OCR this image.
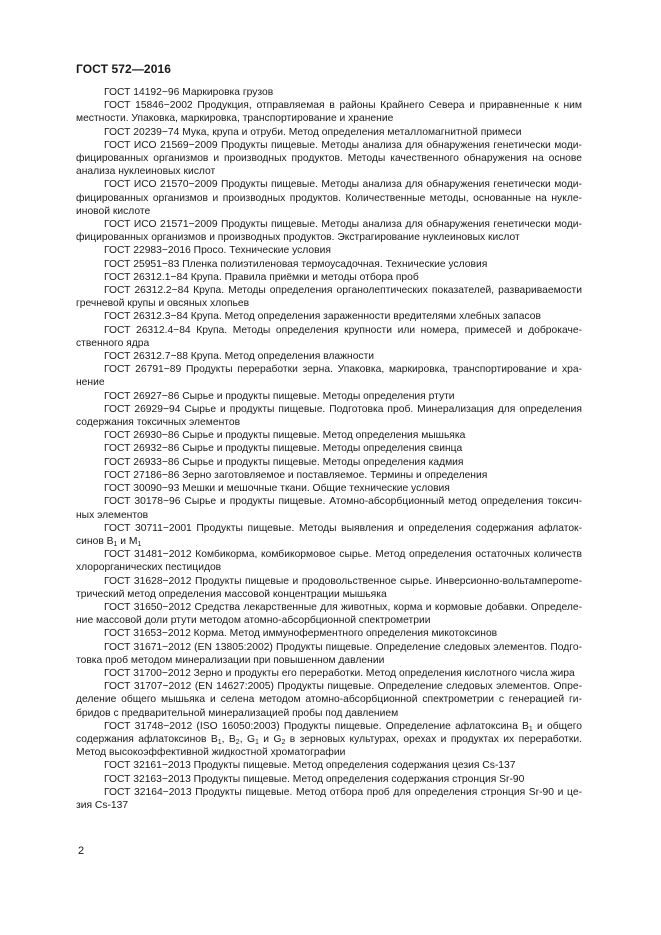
ГОСТ 572—2016

ГОСТ 14192−96 Маркировка грузов

ГОСТ 15846−2002 Продукция, отправляемая в районы Крайнего Севера и приравненные к ним местности. Упаковка, маркировка, транспортирование и хранение

ГОСТ 20239−74 Мука, крупа и отруби. Метод определения металломагнитной примеси

ГОСТ ИСО 21569−2009 Продукты пищевые. Методы анализа для обнаружения генетически моди-фицированных организмов и производных продуктов. Методы качественного обнаружения на основе анализа нуклеиновых кислот

ГОСТ ИСО 21570−2009 Продукты пищевые. Методы анализа для обнаружения генетически моди-фицированных организмов и производных продуктов. Количественные методы, основанные на нукле-иновой кислоте

ГОСТ ИСО 21571−2009 Продукты пищевые. Методы анализа для обнаружения генетически моди-фицированных организмов и производных продуктов. Экстрагирование нуклеиновых кислот

ГОСТ 22983−2016 Просо. Технические условия

ГОСТ 25951−83 Пленка полиэтиленовая термоусадочная. Технические условия

ГОСТ 26312.1−84 Крупа. Правила приёмки и методы отбора проб

ГОСТ 26312.2−84 Крупа. Методы определения органолептических показателей, развариваемости гречневой крупы и овсяных хлопьев

ГОСТ 26312.3−84 Крупа. Метод определения зараженности вредителями хлебных запасов

ГОСТ 26312.4−84 Крупа. Методы определения крупности или номера, примесей и доброкаче-ственного ядра

ГОСТ 26312.7−88 Крупа. Метод определения влажности

ГОСТ 26791−89 Продукты переработки зерна. Упаковка, маркировка, транспортирование и хра-нение

ГОСТ 26927−86 Сырье и продукты пищевые. Методы определения ртути

ГОСТ 26929−94 Сырье и продукты пищевые. Подготовка проб. Минерализация для определения содержания токсичных элементов

ГОСТ 26930−86 Сырье и продукты пищевые. Метод определения мышьяка

ГОСТ 26932−86 Сырье и продукты пищевые. Методы определения свинца

ГОСТ 26933−86 Сырье и продукты пищевые. Методы определения кадмия

ГОСТ 27186−86 Зерно заготовляемое и поставляемое. Термины и определения

ГОСТ 30090−93 Мешки и мешочные ткани. Общие технические условия

ГОСТ 30178−96 Сырье и продукты пищевые. Атомно-абсорбционный метод определения токсич-ных элементов

ГОСТ 30711−2001 Продукты пищевые. Методы выявления и определения содержания афлаток-синов $В_1$ и $М_1$

ГОСТ 31481−2012 Комбикорма, комбикормовое сырье. Метод определения остаточных количеств хлорорганических пестицидов

ГОСТ 31628−2012 Продукты пищевые и продовольственное сырье. Инверсионно-вольтамперome-трический метод определения массовой концентрации мышьяка

ГОСТ 31650−2012 Средства лекарственные для животных, корма и кормовые добавки. Определе-ние массовой доли ртути методом атомно-абсорбционной спектрометрии

ГОСТ 31653−2012 Корма. Метод иммуноферментного определения микотоксинов

ГОСТ 31671−2012 (EN 13805:2002) Продукты пищевые. Определение следовых элементов. Подго-товка проб методом минерализации при повышенном давлении

ГОСТ 31700−2012 Зерно и продукты его переработки. Метод определения кислотного числа жира

ГОСТ 31707−2012 (EN 14627:2005) Продукты пищевые. Определение следовых элементов. Опре-деление общего мышьяка и селена методом атомно-абсорбционной спектрометрии с генерацией ги-бридов с предварительной минерализацией пробы под давлением

ГОСТ 31748−2012 (ISO 16050:2003) Продукты пищевые. Определение афлатоксина $В_1$ и общего содержания афлатоксинов $В_1$, $В_2$, $G_1$ и $G_2$ в зерновых культурах, орехах и продуктах их переработки. Метод высокоэффективной жидкостной хроматографии

ГОСТ 32161−2013 Продукты пищевые. Метод определения содержания цезия Cs-137

ГОСТ 32163−2013 Продукты пищевые. Метод определения содержания стронция Sr-90

ГОСТ 32164−2013 Продукты пищевые. Метод отбора проб для определения стронция Sr-90 и це-зия Cs-137

2
